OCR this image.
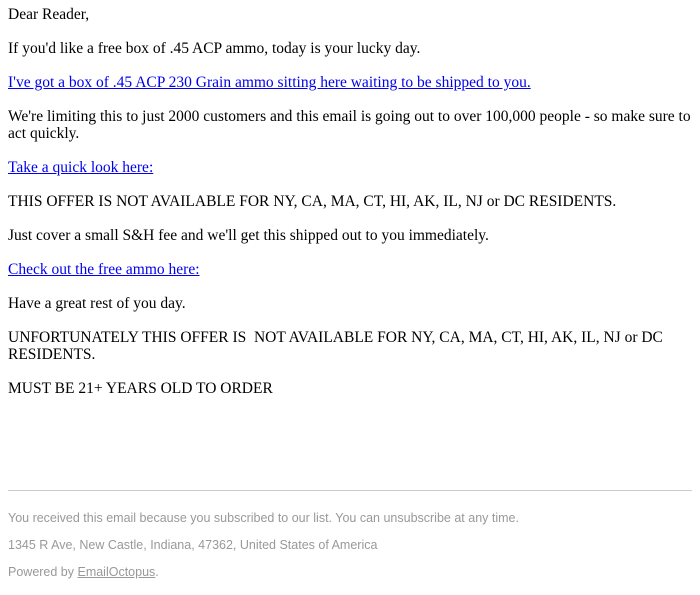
Dear Reader,

If you'd like a free box of .45 ACP ammo, today is your lucky day.

I've got a box of .45 ACP 230 Grain ammo sitting here waiting to be shipped to you.

We're limiting this to just 2000 customers and this email is going out to over 100,000 people - so make sure to act quickly.

Take a quick look here:

THIS OFFER IS NOT AVAILABLE FOR NY, CA, MA, CT, HI, AK, IL, NJ or DC RESIDENTS.

Just cover a small S&H fee and we'll get this shipped out to you immediately.

Check out the free ammo here:

Have a great rest of you day.

UNFORTUNATELY THIS OFFER IS  NOT AVAILABLE FOR NY, CA, MA, CT, HI, AK, IL, NJ or DC RESIDENTS.

MUST BE 21+ YEARS OLD TO ORDER

You received this email because you subscribed to our list. You can unsubscribe at any time.

1345 R Ave, New Castle, Indiana, 47362, United States of America

Powered by EmailOctopus.
